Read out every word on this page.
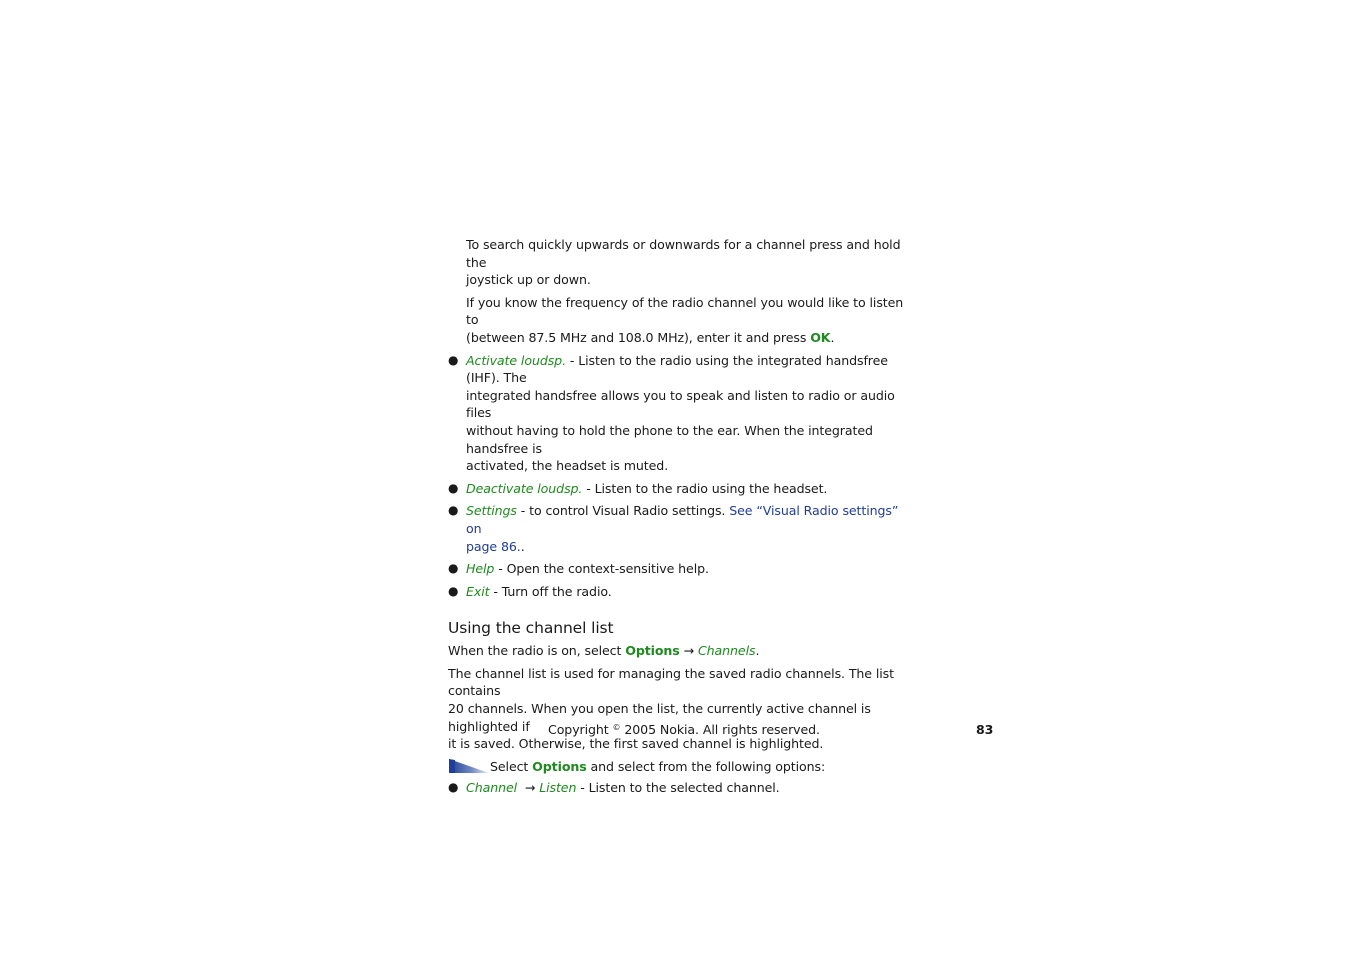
To search quickly upwards or downwards for a channel press and hold the
joystick up or down.
If you know the frequency of the radio channel you would like to listen to
(between 87.5 MHz and 108.0 MHz), enter it and press OK.
● Activate loudsp. - Listen to the radio using the integrated handsfree (IHF). The
integrated handsfree allows you to speak and listen to radio or audio files
without having to hold the phone to the ear. When the integrated handsfree is
activated, the headset is muted.
● Deactivate loudsp. - Listen to the radio using the headset.
● Settings - to control Visual Radio settings. See “Visual Radio settings” on
page 86..
● Help - Open the context-sensitive help.
● Exit - Turn off the radio.
Using the channel list
When the radio is on, select Options → Channels.
The channel list is used for managing the saved radio channels. The list contains
20 channels. When you open the list, the currently active channel is highlighted if
it is saved. Otherwise, the first saved channel is highlighted.
Select Options and select from the following options:
● Channel  → Listen - Listen to the selected channel.
Copyright © 2005 Nokia. All rights reserved.	83
